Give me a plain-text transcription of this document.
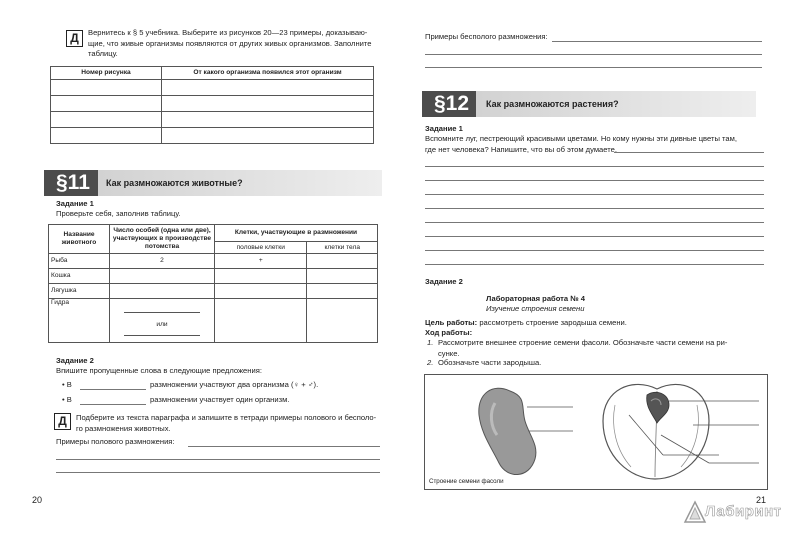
Д	Вернитесь к § 5 учебника. Выберите из рисунков 20—23 примеры, доказываю-
щие, что живые организмы появляются от других живых организмов. Заполните
таблицу.
Номер рисунка	От какого организма появился этот организм

§11	Как размножаются животные?
Задание 1
Проверьте себя, заполнив таблицу.
Название животного	Число особей (одна или две), участвующих в производстве потомства	Клетки, участвующие в размножении	
		половые клетки	клетки тела
Рыба	2	+	
Кошка			
Лягушка			
Гидра	или		

Задание 2
Впишите пропущенные слова в следующие предложения:
• В	размножении участвуют два организма (♀ + ♂).
• В	размножении участвует один организм.
Д	Подберите из текста параграфа и запишите в тетради примеры полового и бесполо-
го размножения животных.
Примеры полового размножения:
20
Примеры бесполого размножения:
§12	Как размножаются растения?
Задание 1
Вспомните луг, пестреющий красивыми цветами. Но кому нужны эти дивные цветы там,
где нет человека? Напишите, что вы об этом думаете.
Задание 2
Лабораторная работа № 4
Изучение строения семени
Цель работы: рассмотреть строение зародыша семени.
Ход работы:
1. Рассмотрите внешнее строение семени фасоли. Обозначьте части семени на ри-
сунке.
2. Обозначьте части зародыша.
Строение семени фасоли
21
Лабиринт
